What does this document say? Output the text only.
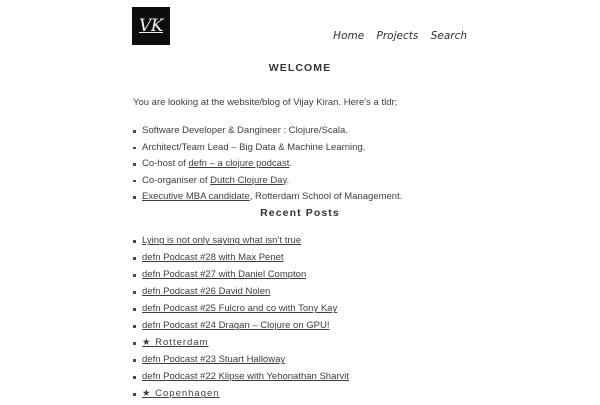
VK
Home Projects Search
WELCOME

You are looking at the website/blog of Vijay Kiran. Here's a tldr;

Software Developer & Dangineer : Clojure/Scala.
Architect/Team Lead – Big Data & Machine Learning.
Co-host of defn – a clojure podcast.
Co-organiser of Dutch Clojure Day.
Executive MBA candidate, Rotterdam School of Management.
Recent Posts
Lying is not only saying what isn’t true
defn Podcast #28 with Max Penet
defn Podcast #27 with Daniel Compton
defn Podcast #26 David Nolen
defn Podcast #25 Fulcro and co with Tony Kay
defn Podcast #24 Dragan – Clojure on GPU!
★ Rotterdam
defn Podcast #23 Stuart Halloway
defn Podcast #22 Klipse with Yehonathan Sharvit
★ Copenhagen
